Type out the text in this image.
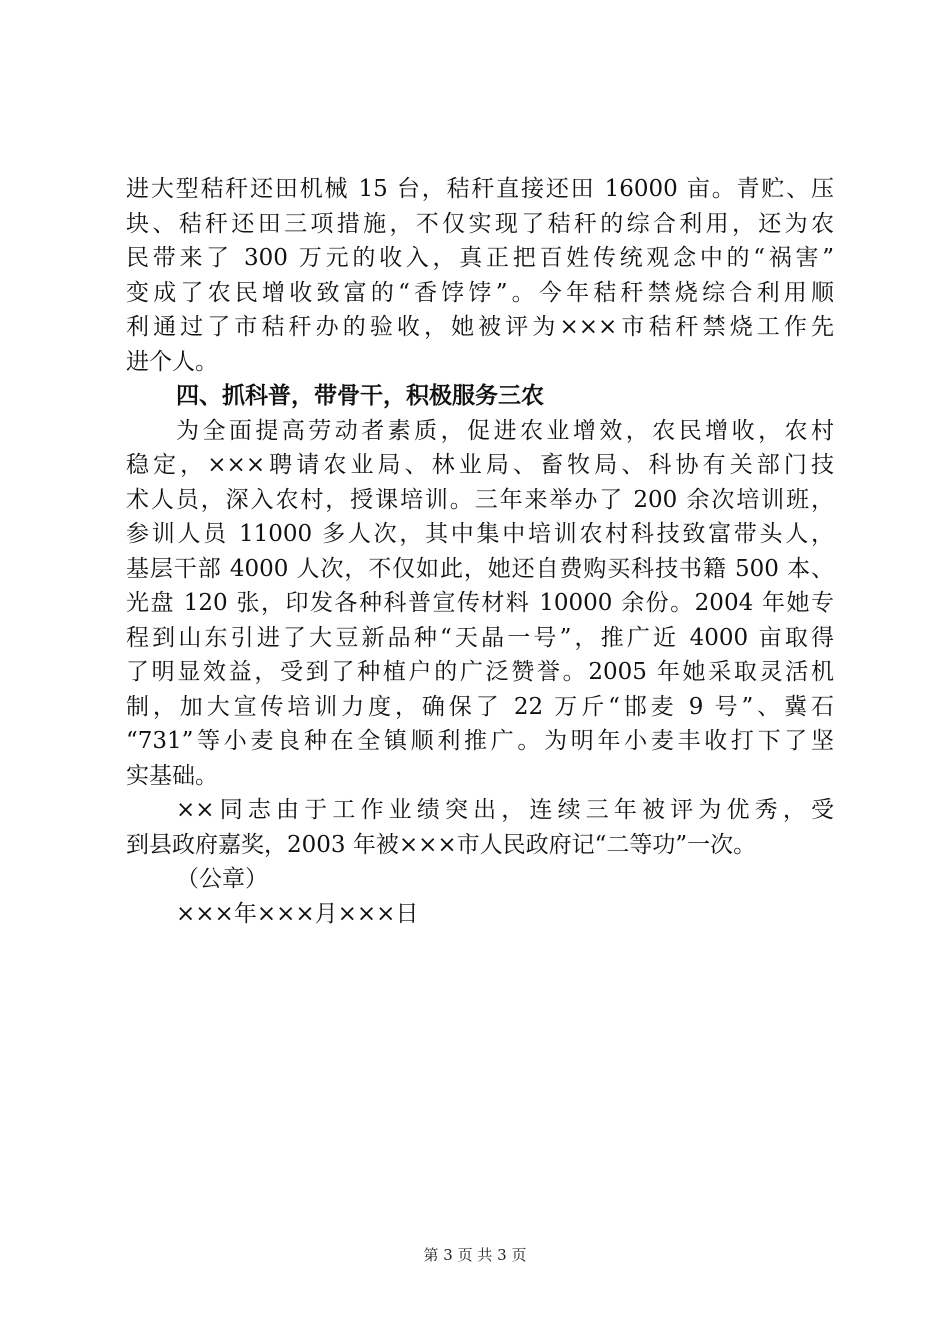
进大型秸秆还田机械 15 台，秸秆直接还田 16000 亩。青贮、压
块、秸秆还田三项措施，不仅实现了秸秆的综合利用，还为农
民带来了 300 万元的收入，真正把百姓传统观念中的“祸害”
变成了农民增收致富的“香饽饽”。今年秸秆禁烧综合利用顺
利通过了市秸秆办的验收，她被评为×××市秸秆禁烧工作先
进个人。
四、抓科普，带骨干，积极服务三农
为全面提高劳动者素质，促进农业增效，农民增收，农村
稳定，×××聘请农业局、林业局、畜牧局、科协有关部门技
术人员，深入农村，授课培训。三年来举办了 200 余次培训班，
参训人员 11000 多人次，其中集中培训农村科技致富带头人，
基层干部 4000 人次，不仅如此，她还自费购买科技书籍 500 本、
光盘 120 张，印发各种科普宣传材料 10000 余份。2004 年她专
程到山东引进了大豆新品种“天晶一号”，推广近 4000 亩取得
了明显效益，受到了种植户的广泛赞誉。2005 年她采取灵活机
制，加大宣传培训力度，确保了 22 万斤“邯麦 9 号”、冀石
“731”等小麦良种在全镇顺利推广。为明年小麦丰收打下了坚
实基础。
××同志由于工作业绩突出，连续三年被评为优秀，受
到县政府嘉奖，2003 年被×××市人民政府记“二等功”一次。
（公章）
×××年×××月×××日
第 3 页 共 3 页
